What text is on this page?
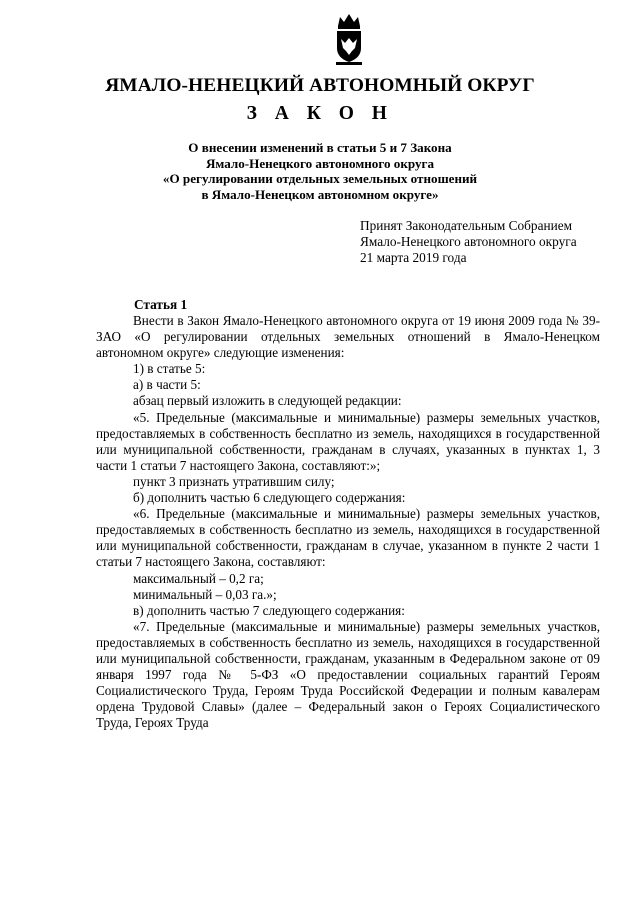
ЯМАЛО-НЕНЕЦКИЙ АВТОНОМНЫЙ ОКРУГ
З А К О Н
О внесении изменений в статьи 5 и 7 Закона
Ямало-Ненецкого автономного округа
«О регулировании отдельных земельных отношений
в Ямало-Ненецком автономном округе»
Принят Законодательным Собранием
Ямало-Ненецкого автономного округа
21 марта 2019 года
Статья 1

Внести в Закон Ямало-Ненецкого автономного округа от 19 июня 2009 года № 39-ЗАО «О регулировании отдельных земельных отношений в Ямало-Ненецком автономном округе» следующие изменения:

1) в статье 5:

а) в части 5:

абзац первый изложить в следующей редакции:

«5. Предельные (максимальные и минимальные) размеры земельных участков, предоставляемых в собственность бесплатно из земель, находящихся в государственной или муниципальной собственности, гражданам в случаях, указанных в пунктах 1, 3 части 1 статьи 7 настоящего Закона, составляют:»;

пункт 3 признать утратившим силу;

б) дополнить частью 6 следующего содержания:

«6. Предельные (максимальные и минимальные) размеры земельных участков, предоставляемых в собственность бесплатно из земель, находящихся в государственной или муниципальной собственности, гражданам в случае, указанном в пункте 2 части 1 статьи 7 настоящего Закона, составляют:

максимальный – 0,2 га;

минимальный – 0,03 га.»;

в) дополнить частью 7 следующего содержания:

«7. Предельные (максимальные и минимальные) размеры земельных участков, предоставляемых в собственность бесплатно из земель, находящихся в государственной или муниципальной собственности, гражданам, указанным в Федеральном законе от 09 января 1997 года № 5-ФЗ «О предоставлении социальных гарантий Героям Социалистического Труда, Героям Труда Российской Федерации и полным кавалерам ордена Трудовой Славы» (далее – Федеральный закон о Героях Социалистического Труда, Героях Труда
